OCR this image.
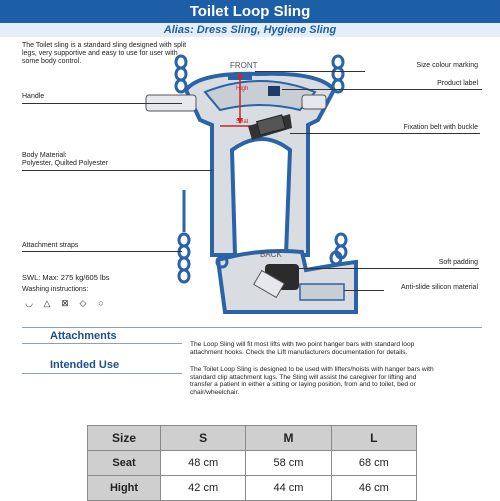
Toilet Loop Sling
Alias: Dress Sling, Hygiene Sling
The Toilet sling is a standard sling designed with split legs, very supportive and easy to use for user with some body control.	FRONT
High
Seat
BACK
Handle
Body Material:
Polyester, Quilted Polyester
Attachment straps
SWL: Max: 275 kg/605 lbs
Washing instructions:
◡	△	⊠	◇	○
Size colour marking
Product label
Fixation belt with buckle
Soft padding
Anti-slide silicon material
Attachments
The Loop Sling will fit most lifts with two point hanger bars with standard loop attachment hooks. Check the Lift manufacturers documentation for details.
Intended Use	The Toilet Loop Sling is designed to be used with lifters/hoists with hanger bars with standard clip attachment lugs. The Sling will assist the caregiver for lifting and transfer a patient in either a sitting or laying position, from and to toilet, bed or chair/wheelchair.
Size	S	M	L
Seat	48 cm	58 cm	68 cm
Hight	42 cm	44 cm	46 cm
